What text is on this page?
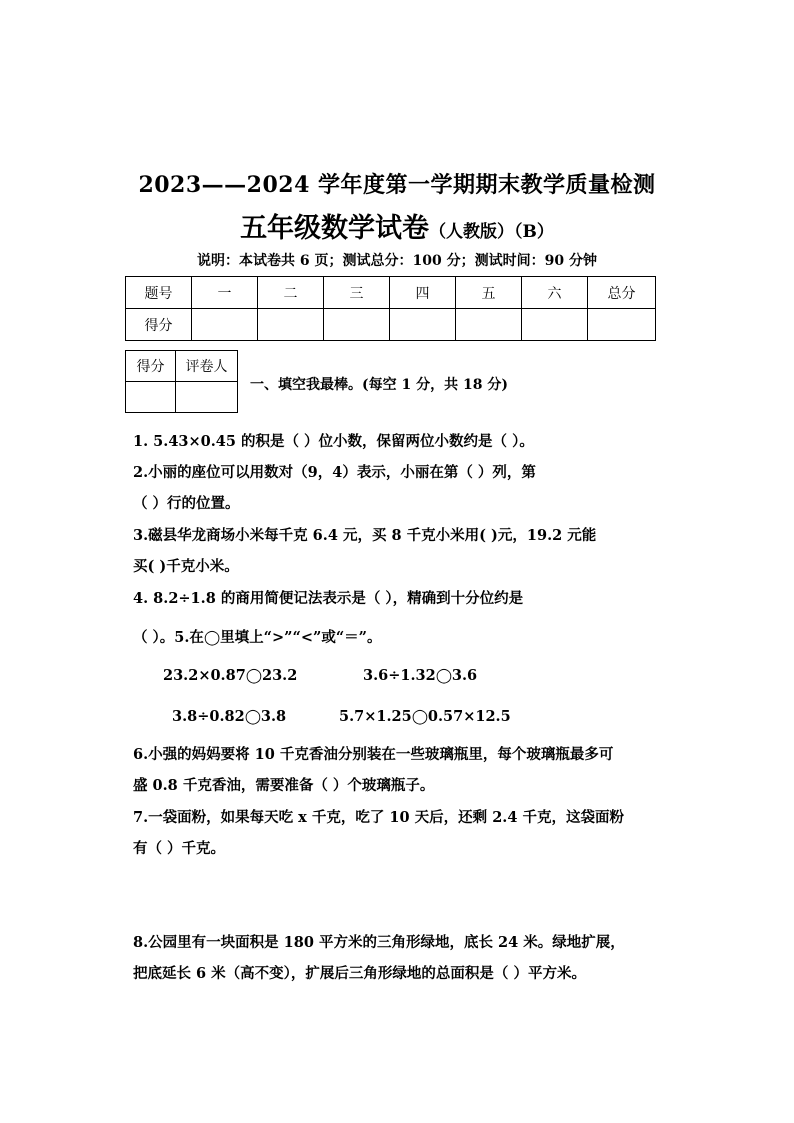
2023——2024 学年度第一学期期末教学质量检测
五年级数学试卷（人教版）（B）
说明：本试卷共 6 页；测试总分：100 分；测试时间：90 分钟
题号	一	二	三	四	五	六	总分
得分							
得分	评卷人

一、填空我最棒。(每空 1 分，共 18 分)
1. 5.43×0.45 的积是（ ）位小数，保留两位小数约是（ ）。
2.小丽的座位可以用数对（9，4）表示，小丽在第（ ）列，第
（ ）行的位置。
3.磁县华龙商场小米每千克 6.4 元，买 8 千克小米用( )元，19.2 元能
买( )千克小米。
4. 8.2÷1.8 的商用简便记法表示是（ ），精确到十分位约是
（ ）。5.在◯里填上“>”“<”或“＝”。
23.2×0.87◯23.2	3.6÷1.32◯3.6
3.8÷0.82◯3.8	5.7×1.25◯0.57×12.5
6.小强的妈妈要将 10 千克香油分别装在一些玻璃瓶里，每个玻璃瓶最多可
盛 0.8 千克香油，需要准备（ ）个玻璃瓶子。
7.一袋面粉，如果每天吃 x 千克，吃了 10 天后，还剩 2.4 千克，这袋面粉
有（ ）千克。
8.公园里有一块面积是 180 平方米的三角形绿地，底长 24 米。绿地扩展，
把底延长 6 米（高不变），扩展后三角形绿地的总面积是（ ）平方米。
